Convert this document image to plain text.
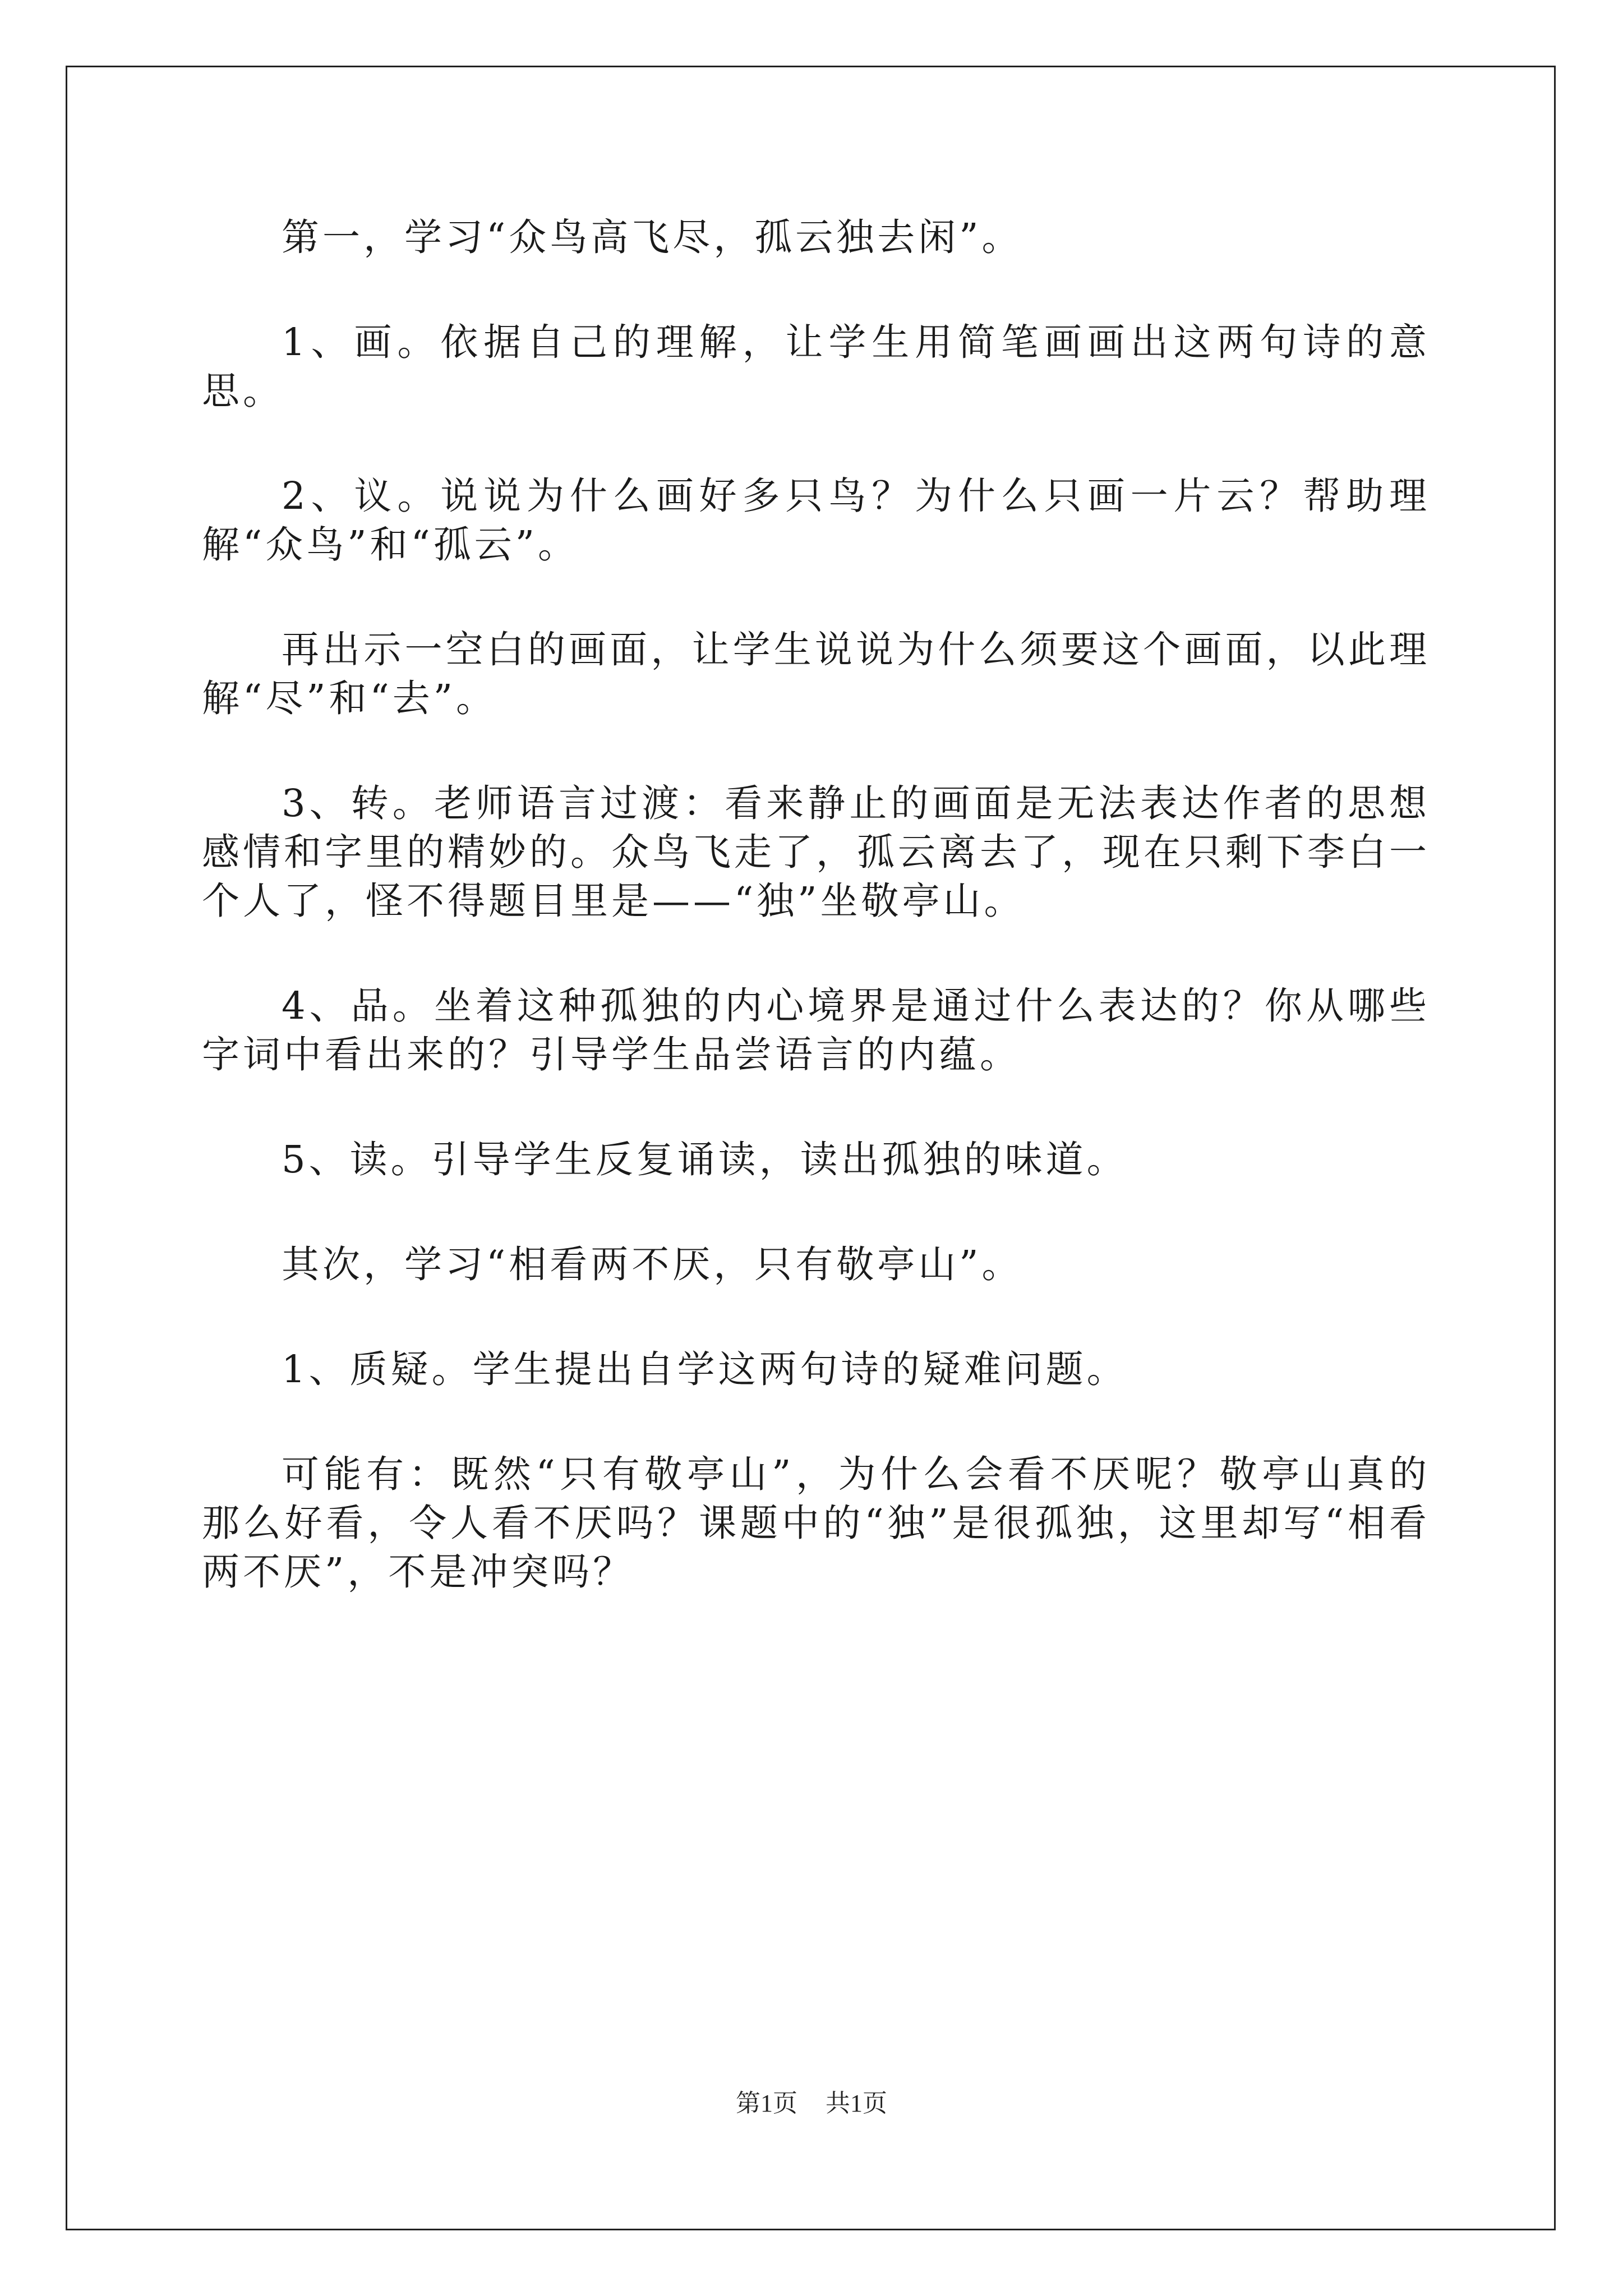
第一，学习“众鸟高飞尽，孤云独去闲”。

1、画。依据自己的理解，让学生用简笔画画出这两句诗的意思。

2、议。说说为什么画好多只鸟？为什么只画一片云？帮助理解“众鸟”和“孤云”。

再出示一空白的画面，让学生说说为什么须要这个画面，以此理解“尽”和“去”。

3、转。老师语言过渡：看来静止的画面是无法表达作者的思想感情和字里的精妙的。众鸟飞走了，孤云离去了，现在只剩下李白一个人了，怪不得题目里是——“独”坐敬亭山。

4、品。坐着这种孤独的内心境界是通过什么表达的？你从哪些字词中看出来的？引导学生品尝语言的内蕴。

5、读。引导学生反复诵读，读出孤独的味道。

其次，学习“相看两不厌，只有敬亭山”。

1、质疑。学生提出自学这两句诗的疑难问题。

可能有：既然“只有敬亭山”，为什么会看不厌呢？敬亭山真的那么好看，令人看不厌吗？课题中的“独”是很孤独，这里却写“相看两不厌”，不是冲突吗？

第1页 共1页
